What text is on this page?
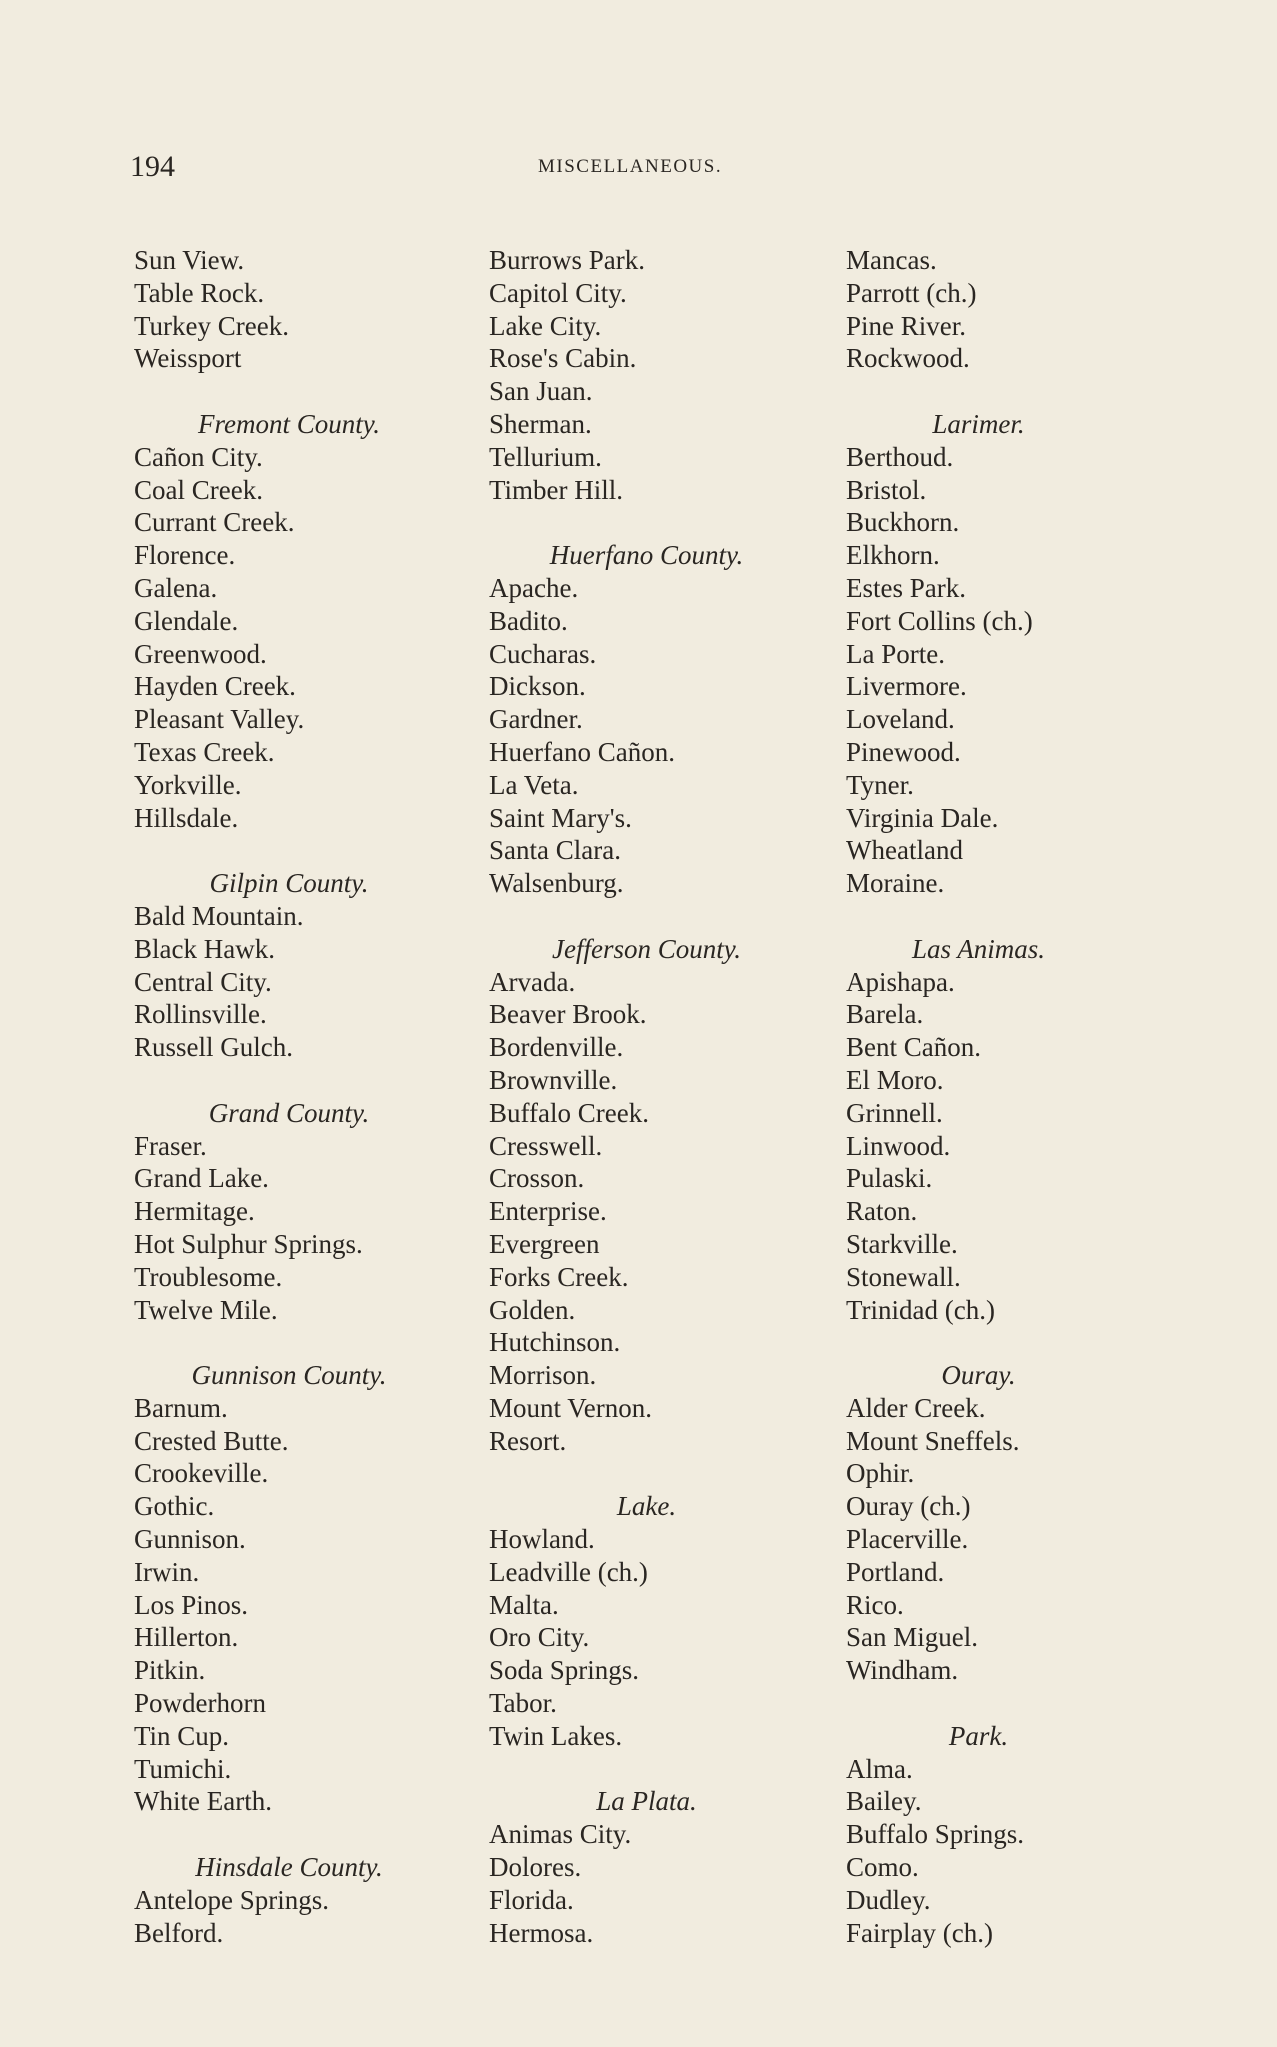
194	MISCELLANEOUS.
Sun View.
Table Rock.
Turkey Creek.
Weissport
Fremont County.
Cañon City.
Coal Creek.
Currant Creek.
Florence.
Galena.
Glendale.
Greenwood.
Hayden Creek.
Pleasant Valley.
Texas Creek.
Yorkville.
Hillsdale.
Gilpin County.
Bald Mountain.
Black Hawk.
Central City.
Rollinsville.
Russell Gulch.
Grand County.
Fraser.
Grand Lake.
Hermitage.
Hot Sulphur Springs.
Troublesome.
Twelve Mile.
Gunnison County.
Barnum.
Crested Butte.
Crookeville.
Gothic.
Gunnison.
Irwin.
Los Pinos.
Hillerton.
Pitkin.
Powderhorn
Tin Cup.
Tumichi.
White Earth.
Hinsdale County.
Antelope Springs.
Belford.
Burrows Park.
Capitol City.
Lake City.
Rose's Cabin.
San Juan.
Sherman.
Tellurium.
Timber Hill.
Huerfano County.
Apache.
Badito.
Cucharas.
Dickson.
Gardner.
Huerfano Cañon.
La Veta.
Saint Mary's.
Santa Clara.
Walsenburg.
Jefferson County.
Arvada.
Beaver Brook.
Bordenville.
Brownville.
Buffalo Creek.
Cresswell.
Crosson.
Enterprise.
Evergreen
Forks Creek.
Golden.
Hutchinson.
Morrison.
Mount Vernon.
Resort.
Lake.
Howland.
Leadville (ch.)
Malta.
Oro City.
Soda Springs.
Tabor.
Twin Lakes.
La Plata.
Animas City.
Dolores.
Florida.
Hermosa.
Mancas.
Parrott (ch.)
Pine River.
Rockwood.
Larimer.
Berthoud.
Bristol.
Buckhorn.
Elkhorn.
Estes Park.
Fort Collins (ch.)
La Porte.
Livermore.
Loveland.
Pinewood.
Tyner.
Virginia Dale.
Wheatland
Moraine.
Las Animas.
Apishapa.
Barela.
Bent Cañon.
El Moro.
Grinnell.
Linwood.
Pulaski.
Raton.
Starkville.
Stonewall.
Trinidad (ch.)
Ouray.
Alder Creek.
Mount Sneffels.
Ophir.
Ouray (ch.)
Placerville.
Portland.
Rico.
San Miguel.
Windham.
Park.
Alma.
Bailey.
Buffalo Springs.
Como.
Dudley.
Fairplay (ch.)
